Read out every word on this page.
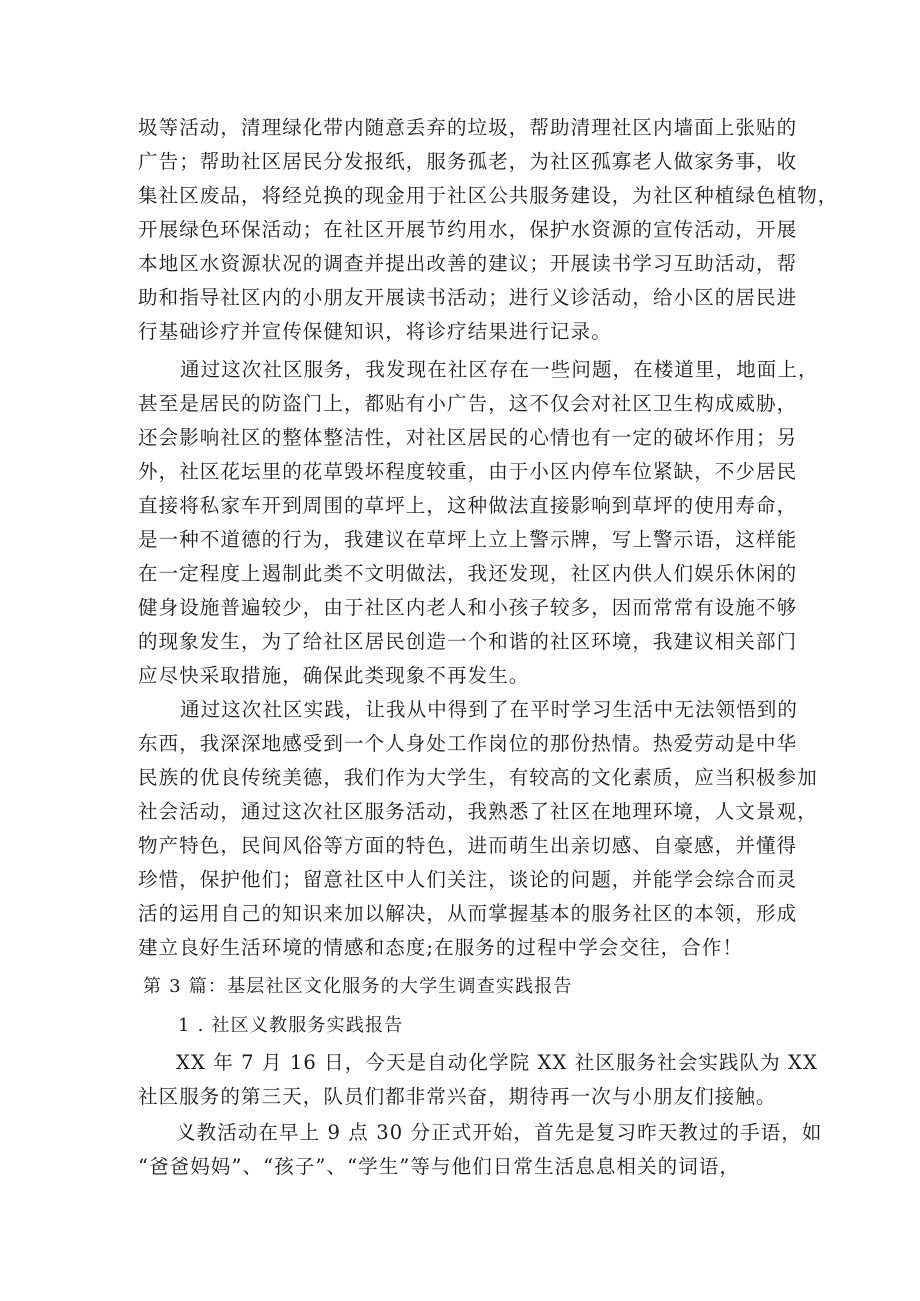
圾等活动，清理绿化带内随意丢弃的垃圾，帮助清理社区内墙面上张贴的
广告；帮助社区居民分发报纸，服务孤老，为社区孤寡老人做家务事，收
集社区废品，将经兑换的现金用于社区公共服务建设，为社区种植绿色植物，
开展绿色环保活动；在社区开展节约用水，保护水资源的宣传活动，开展
本地区水资源状况的调查并提出改善的建议；开展读书学习互助活动，帮
助和指导社区内的小朋友开展读书活动；进行义诊活动，给小区的居民进
行基础诊疗并宣传保健知识，将诊疗结果进行记录。
通过这次社区服务，我发现在社区存在一些问题，在楼道里，地面上，
甚至是居民的防盗门上，都贴有小广告，这不仅会对社区卫生构成威胁，
还会影响社区的整体整洁性，对社区居民的心情也有一定的破坏作用；另
外，社区花坛里的花草毁坏程度较重，由于小区内停车位紧缺，不少居民
直接将私家车开到周围的草坪上，这种做法直接影响到草坪的使用寿命，
是一种不道德的行为，我建议在草坪上立上警示牌，写上警示语，这样能
在一定程度上遏制此类不文明做法，我还发现，社区内供人们娱乐休闲的
健身设施普遍较少，由于社区内老人和小孩子较多，因而常常有设施不够
的现象发生，为了给社区居民创造一个和谐的社区环境，我建议相关部门
应尽快采取措施，确保此类现象不再发生。
通过这次社区实践，让我从中得到了在平时学习生活中无法领悟到的
东西，我深深地感受到一个人身处工作岗位的那份热情。热爱劳动是中华
民族的优良传统美德，我们作为大学生，有较高的文化素质，应当积极参加
社会活动，通过这次社区服务活动，我熟悉了社区在地理环境，人文景观，
物产特色，民间风俗等方面的特色，进而萌生出亲切感、自豪感，并懂得
珍惜，保护他们；留意社区中人们关注，谈论的问题，并能学会综合而灵
活的运用自己的知识来加以解决，从而掌握基本的服务社区的本领，形成
建立良好生活环境的情感和态度;在服务的过程中学会交往，合作！
第 3 篇：基层社区文化服务的大学生调查实践报告
1 . 社区义教服务实践报告
XX 年 7 月 16 日，今天是自动化学院 XX 社区服务社会实践队为 XX
社区服务的第三天，队员们都非常兴奋，期待再一次与小朋友们接触。
义教活动在早上 9 点 30 分正式开始，首先是复习昨天教过的手语，如
“爸爸妈妈”、“孩子”、“学生”等与他们日常生活息息相关的词语，
